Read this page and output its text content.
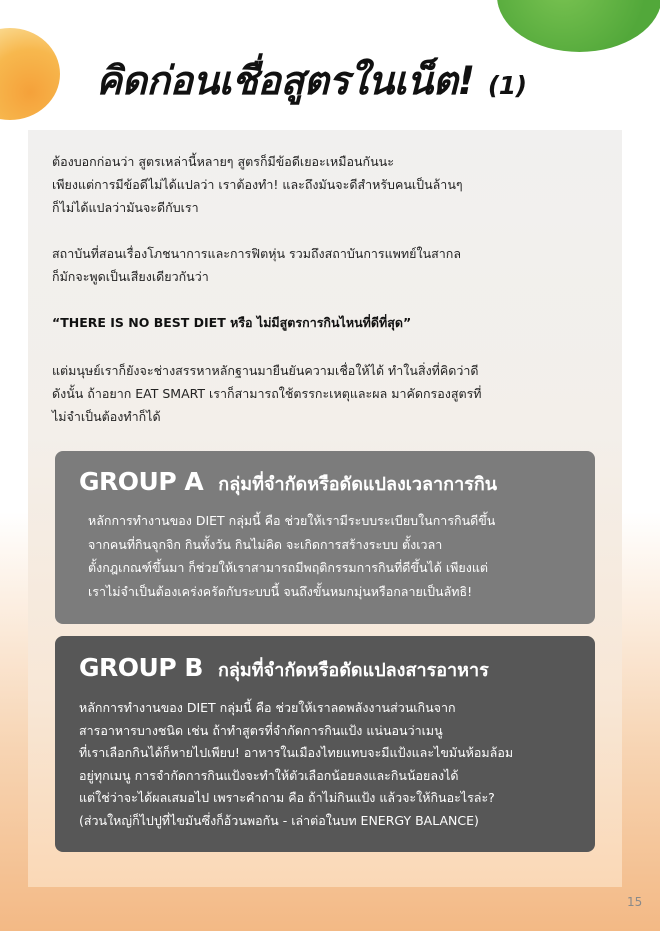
คิดก่อนเชื่อสูตรในเน็ต! (1)

ต้องบอกก่อนว่า สูตรเหล่านี้หลายๆ สูตรก็มีข้อดีเยอะเหมือนกันนะ
เพียงแต่การมีข้อดีไม่ได้แปลว่า เราต้องทำ! และถึงมันจะดีสำหรับคนเป็นล้านๆ
ก็ไม่ได้แปลว่ามันจะดีกับเรา

สถาบันที่สอนเรื่องโภชนาการและการฟิตหุ่น รวมถึงสถาบันการแพทย์ในสากล
ก็มักจะพูดเป็นเสียงเดียวกันว่า

“THERE IS NO BEST DIET หรือ ไม่มีสูตรการกินไหนที่ดีที่สุด”

แต่มนุษย์เราก็ยังจะช่างสรรหาหลักฐานมายืนยันความเชื่อให้ได้ ทำในสิ่งที่คิดว่าดี
ดังนั้น ถ้าอยาก EAT SMART เราก็สามารถใช้ตรรกะเหตุและผล มาคัดกรองสูตรที่
ไม่จำเป็นต้องทำก็ได้

GROUP A กลุ่มที่จำกัดหรือดัดแปลงเวลาการกิน

หลักการทำงานของ DIET กลุ่มนี้ คือ ช่วยให้เรามีระบบระเบียบในการกินดีขึ้น
จากคนที่กินจุกจิก กินทั้งวัน กินไม่คิด จะเกิดการสร้างระบบ ตั้งเวลา
ตั้งกฎเกณฑ์ขึ้นมา ก็ช่วยให้เราสามารถมีพฤติกรรมการกินที่ดีขึ้นได้ เพียงแต่
เราไม่จำเป็นต้องเคร่งครัดกับระบบนี้ จนถึงขั้นหมกมุ่นหรือกลายเป็นลัทธิ!

GROUP B กลุ่มที่จำกัดหรือดัดแปลงสารอาหาร

หลักการทำงานของ DIET กลุ่มนี้ คือ ช่วยให้เราลดพลังงานส่วนเกินจาก
สารอาหารบางชนิด เช่น ถ้าทำสูตรที่จำกัดการกินแป้ง แน่นอนว่าเมนู
ที่เราเลือกกินได้ก็หายไปเพียบ! อาหารในเมืองไทยแทบจะมีแป้งและไขมันห้อมล้อม
อยู่ทุกเมนู การจำกัดการกินแป้งจะทำให้ตัวเลือกน้อยลงและกินน้อยลงได้
แต่ใช่ว่าจะได้ผลเสมอไป เพราะคำถาม คือ ถ้าไม่กินแป้ง แล้วจะให้กินอะไรล่ะ?
(ส่วนใหญ่ก็ไปปูที่ไขมันซึ่งก็อ้วนพอกัน - เล่าต่อในบท ENERGY BALANCE)

15
